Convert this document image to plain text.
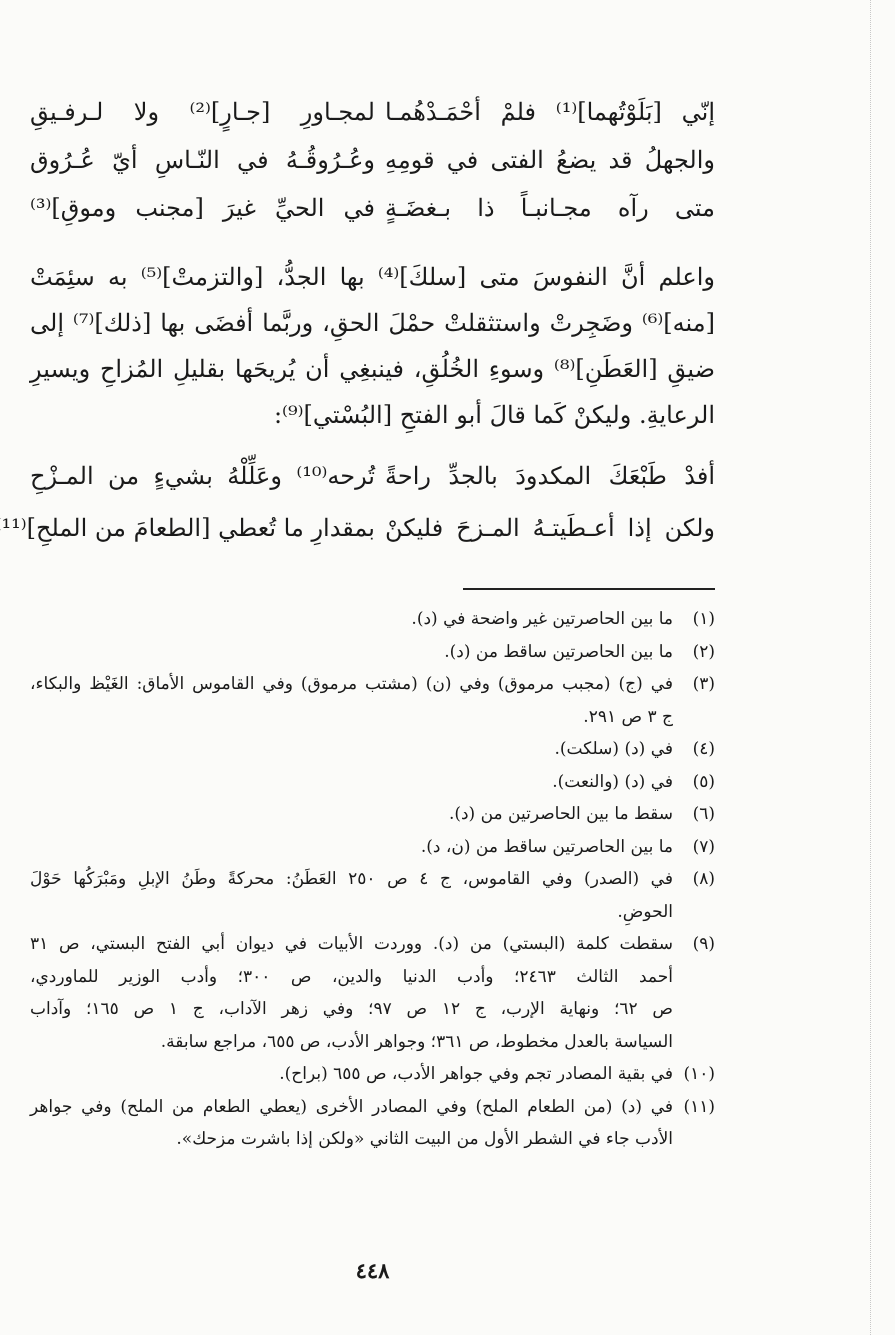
إنّي [بَلَوْتُهما]⁽¹⁾ فلمْ أحْمَـدْهُمـا
لمجـاورِ [جـارٍ]⁽²⁾ ولا لـرفـيقِ
والجهلُ قد يضعُ الفتى في قومِهِ
وعُـرُوقُـهُ في النّـاسِ أيّ عُـرُوق
متى رآه مجـانبـاً ذا بـغضَـةٍ
في الحيِّ غيرَ [مجنب وموقِ]⁽³⁾

واعلم أنَّ النفوسَ متى [سلكَ]⁽⁴⁾ بها الجدُّ، [والتزمتْ]⁽⁵⁾ به سئِمَتْ

[منه]⁽⁶⁾ وضَجِرتْ واستثقلتْ حمْلَ الحقِ، وربَّما أفضَى بها [ذلك]⁽⁷⁾ إلى

ضيقِ [العَطَنِ]⁽⁸⁾ وسوءِ الخُلُقِ، فينبغِي أن يُريحَها بقليلِ المُزاحِ ويسيرِ

الرعايةِ. وليكنْ كَما قالَ أبو الفتحِ [البُسْتي]⁽⁹⁾:

أفدْ طَبْعَكَ المكدودَ بالجدِّ راحةً
تُرحه⁽¹⁰⁾ وعَلِّلْهُ بشيءٍ من المـزْحِ
ولكن إذا أعـطَيتـهُ المـزحَ فليكنْ
بمقدارِ ما تُعطي [الطعامَ من الملحِ]⁽¹¹
(١)
ما بين الحاصرتين غير واضحة في (د).
(٢)
ما بين الحاصرتين ساقط من (د).
(٣)
في (ج) (مجبب مرموق) وفي (ن) (مشتب مرموق) وفي القاموس الأماق: الغَيْظ والبكاء،
ج ٣ ص ٢٩١.
(٤)
في (د) (سلكت).
(٥)
في (د) (والنعت).
(٦)
سقط ما بين الحاصرتين من (د).
(٧)
ما بين الحاصرتين ساقط من (ن، د).
(٨)
في (الصدر) وفي القاموس، ج ٤ ص ٢٥٠ العَطَنُ: محركةً وطَنُ الإبلِ ومَبْرَكُها حَوْلَ
الحوضِ.
(٩)
سقطت كلمة (البستي) من (د). ووردت الأبيات في ديوان أبي الفتح البستي، ص ٣١
أحمد الثالث ٢٤٦٣؛ وأدب الدنيا والدين، ص ٣٠٠؛ وأدب الوزير للماوردي،
ص ٦٢؛ ونهاية الإرب، ج ١٢ ص ٩٧؛ وفي زهر الآداب، ج ١ ص ١٦٥؛ وآداب
السياسة بالعدل مخطوط، ص ٣٦١؛ وجواهر الأدب، ص ٦٥٥، مراجع سابقة.
(١٠)
في بقية المصادر تجم وفي جواهر الأدب، ص ٦٥٥ (براح).
(١١)
في (د) (من الطعام الملح) وفي المصادر الأخرى (يعطي الطعام من الملح) وفي جواهر
الأدب جاء في الشطر الأول من البيت الثاني «ولكن إذا باشرت مزحك».
٤٤٨
